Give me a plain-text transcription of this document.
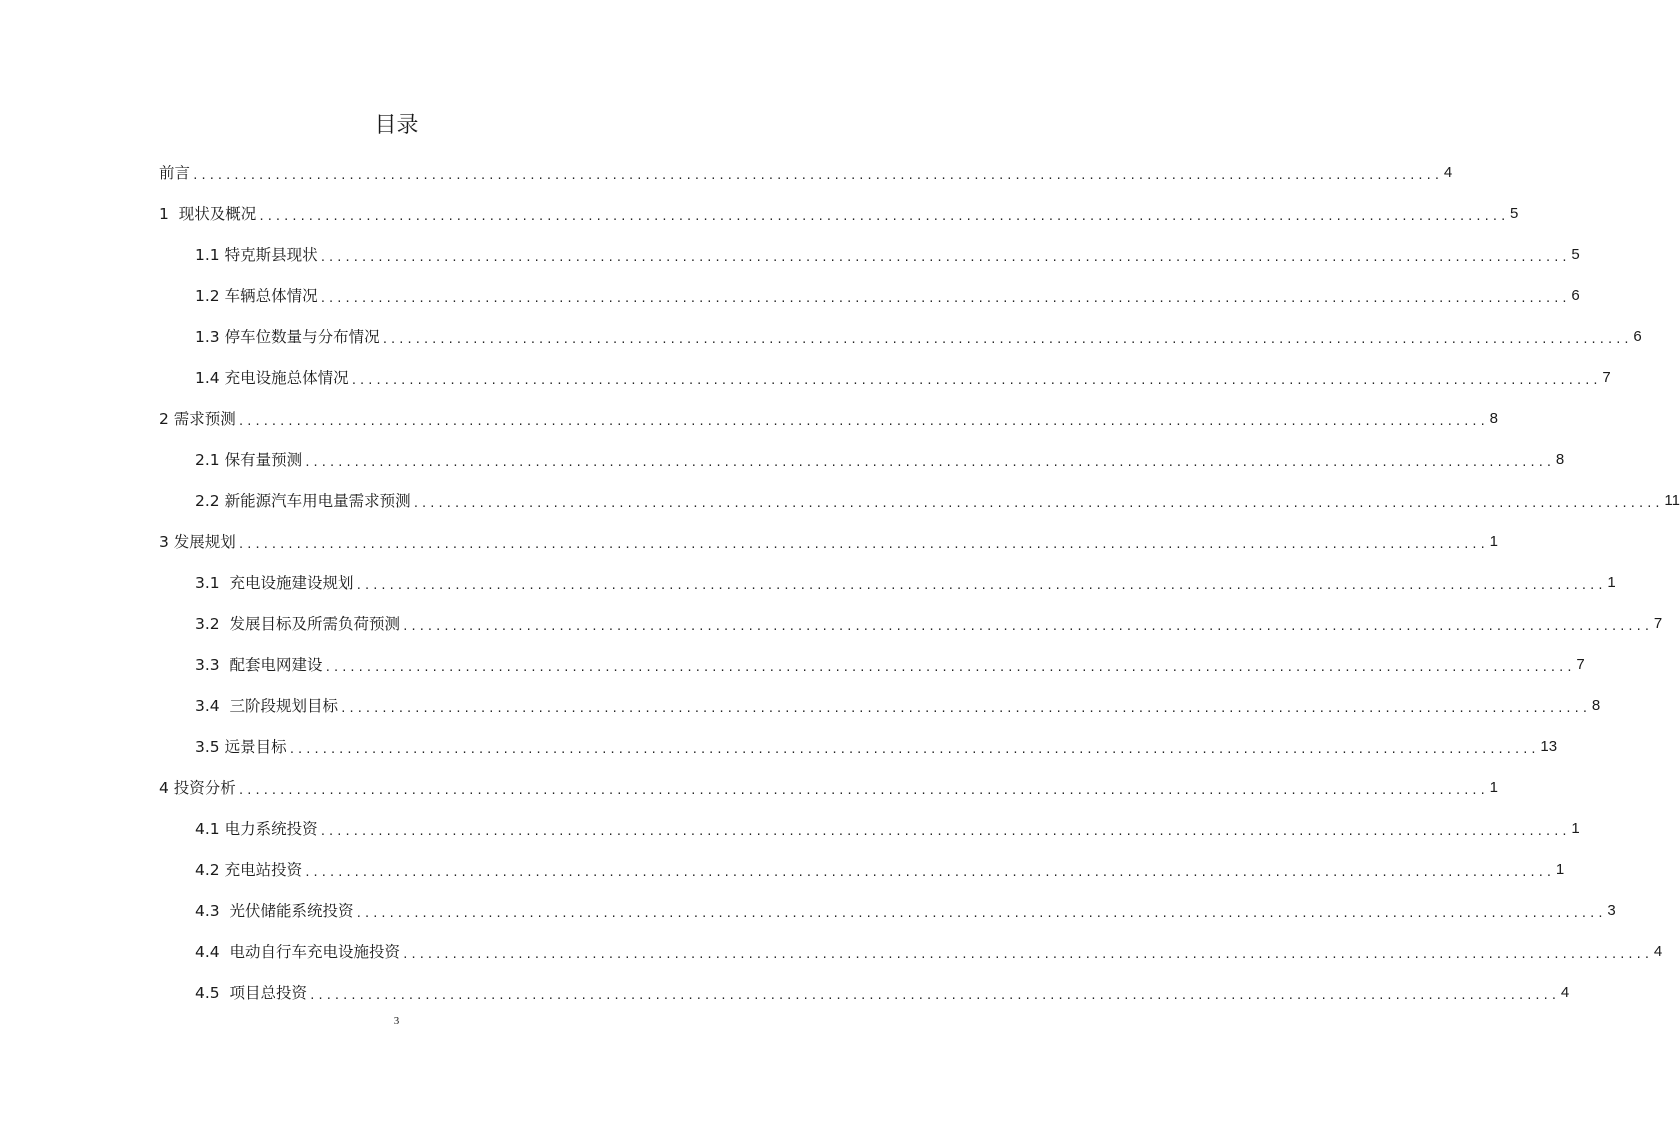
目录
前言 ........................................................................................................................................................ 4
1  现状及概况 ........................................................................................................................................................ 5
1.1 特克斯县现状 ........................................................................................................................................................ 5
1.2 车辆总体情况 ........................................................................................................................................................ 6
1.3 停车位数量与分布情况 ........................................................................................................................................................ 6
1.4 充电设施总体情况 ........................................................................................................................................................ 7
2 需求预测 ........................................................................................................................................................ 8
2.1 保有量预测 ........................................................................................................................................................ 8
2.2 新能源汽车用电量需求预测 ........................................................................................................................................................ 11
3 发展规划 ........................................................................................................................................................ 1
3.1  充电设施建设规划 ........................................................................................................................................................ 1
3.2  发展目标及所需负荷预测 ........................................................................................................................................................ 7
3.3  配套电网建设 ........................................................................................................................................................ 7
3.4  三阶段规划目标 ........................................................................................................................................................ 8
3.5 远景目标 ........................................................................................................................................................ 13
4 投资分析 ........................................................................................................................................................ 1
4.1 电力系统投资 ........................................................................................................................................................ 1
4.2 充电站投资 ........................................................................................................................................................ 1
4.3  光伏储能系统投资 ........................................................................................................................................................ 3
4.4  电动自行车充电设施投资 ........................................................................................................................................................ 4
4.5  项目总投资 ........................................................................................................................................................ 4
3
